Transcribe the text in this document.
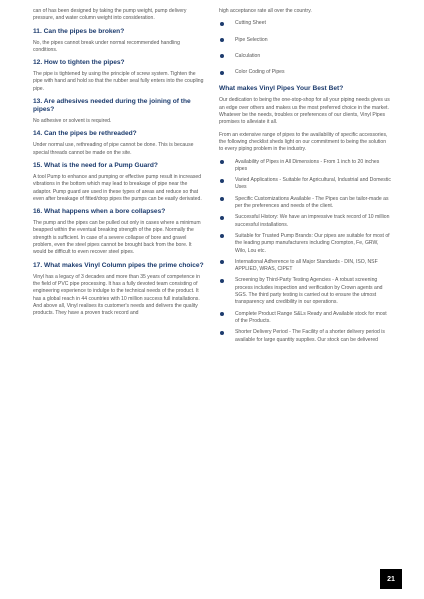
can of has been designed by taking the pump weight, pump delivery pressure, and water column weight into consideration.

11. Can the pipes be broken?

No, the pipes cannot break under normal recommended handling conditions.

12. How to tighten the pipes?

The pipe is tightened by using the principle of screw system. Tighten the pipe with hand and hold so that the rubber seal fully enters into the coupling pipe.

13. Are adhesives needed during the joining of the pipes?

No adhesive or solvent is required.

14. Can the pipes be rethreaded?

Under normal use, rethreading of pipe cannot be done. This is because special threads cannot be made on the site.

15. What is the need for a Pump Guard?

A tool Pump to enhance and pumping or effective pump result in increased vibrations in the bottom which may lead to breakage of pipe near the adaptor. Pump guard are used in these types of areas and reduce so that even after breakage of fitted/drop pipes the pumps can be easily derivated.

16. What happens when a bore collapses?

The pump and the pipes can be pulled out only in cases where a minimum beapped within the eventual breaking strength of the pipe. Normally the strength is sufficient. In case of a severe collapse of bore and gravel problem, even the steel pipes cannot be brought back from the bore. It would be difficult to even recover steel pipes.

17. What makes Vinyl Column pipes the prime choice?

Vinyl has a legacy of 3 decades and more than 35 years of competence in the field of PVC pipe processing. It has a fully devoted team consisting of engineering experience to indulge to the technical needs of the product. It has a global reach in 44 countries with 10 million success full installations. And above all, Vinyl realises its customer's needs and delivers the quality products. They have a proven track record and

high acceptance rate all over the country.

Cutting Sheet
Pipe Selection
Calculation
Color Coding of Pipes
What makes Vinyl Pipes Your Best Bet?

Our dedication to being the one-stop-shop for all your piping needs gives us an edge over others and makes us the most preferred choice in the market. Whatever be the needs, troubles or preferences of our clients, Vinyl Pipes promises to alleviate it all.

From an extensive range of pipes to the availability of specific accessories, the following checklist sheds light on our commitment to being the solution to every piping problem in the industry.

Availability of Pipes in All Dimensions - From 1 inch to 20 inches pipes
Varied Applications - Suitable for Agricultural, Industrial and Domestic Uses
Specific Customizations Available - The Pipes can be tailor-made as per the preferences and needs of the client.
Successful History: We have an impressive track record of 10 million successful installations.
Suitable for Trusted Pump Brands: Our pipes are suitable for most of the leading pump manufacturers including Crompton, Fe, GRW, Wilo, Lou etc.
International Adherence to all Major Standards - DIN, ISO, NSF APPLIED, WRAS, CIPET
Screening by Third-Party Testing Agencies - A robust screening process includes inspection and verification by Crown agents and SGS. The third party testing is carried out to ensure the utmost transparency and credibility in our operations.
Complete Product Range S&Ls Ready and Available stock for most of the Products.
Shorter Delivery Period - The Facility of a shorter delivery period is available for large quantity supplies. Our stock can be delivered
21
